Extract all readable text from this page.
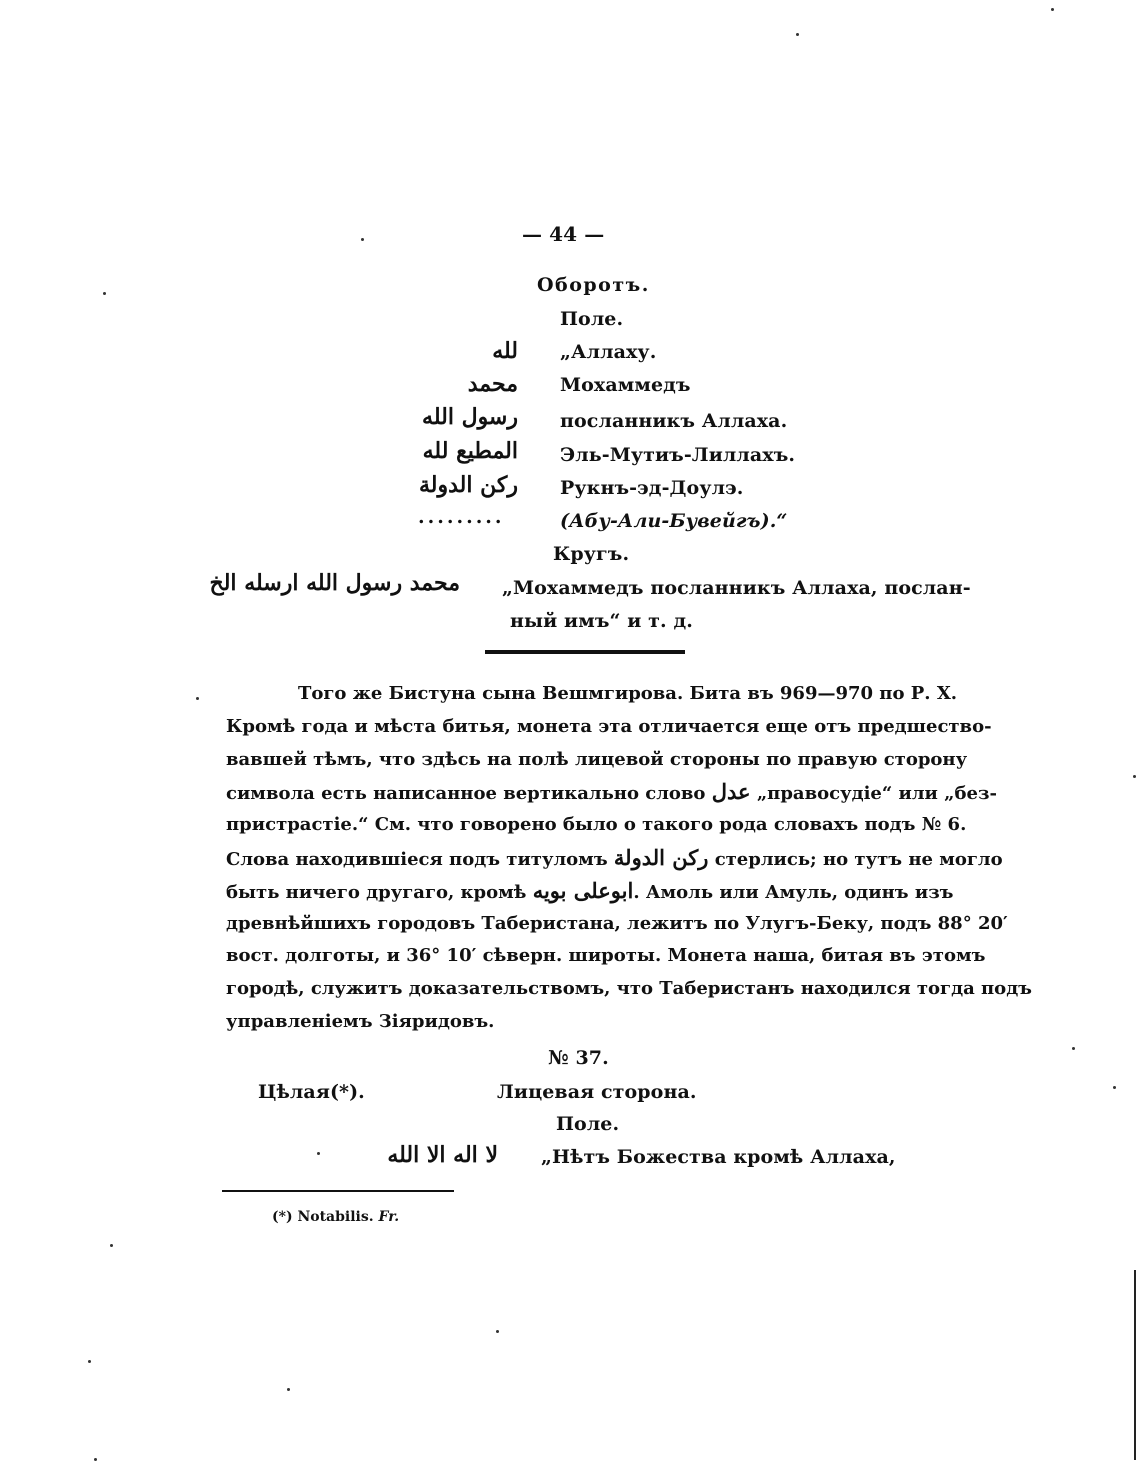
— 44 —
Оборотъ.
Поле.
لله „Аллаху.
محمد Мохаммедъ
رسول الله посланникъ Аллаха.
المطيع لله Эль-Мутиъ-Лиллахъ.
ركن الدولة Рукнъ-эд-Доулэ.
.........	(Абу-Али-Бувейгъ).“
Кругъ.
محمد رسول الله ارسله الخ „Мохаммедъ посланникъ Аллаха, послан-
ный имъ“ и т. д.
Того же Бистуна сына Вешмгирова. Бита въ 969—970 по Р. Х.
Кромѣ года и мѣста битья, монета эта отличается еще отъ предшество-
вавшей тѣмъ, что здѣсь на полѣ лицевой стороны по правую сторону
символа есть написанное вертикально слово عدل „правосудіе“ или „без-
пристрастіе.“ См. что говорено было о такого рода словахъ подъ № 6.
Слова находившіеся подъ титуломъ ركن الدولة стерлись; но тутъ не могло
быть ничего другаго, кромѣ ابوعلی بویه. Амоль или Амуль, одинъ изъ
древнѣйшихъ городовъ Таберистана, лежитъ по Улугъ-Беку, подъ 88° 20′
вост. долготы, и 36° 10′ сѣверн. широты. Монета наша, битая въ этомъ
городѣ, служитъ доказательствомъ, что Таберистанъ находился тогда подъ
управленіемъ Зіяридовъ.
№ 37.
Цѣлая(*).	Лицевая сторона.
Поле.
لا اله الا الله „Нѣтъ Божества кромѣ Аллаха,
(*) Notabilis. Fr.
